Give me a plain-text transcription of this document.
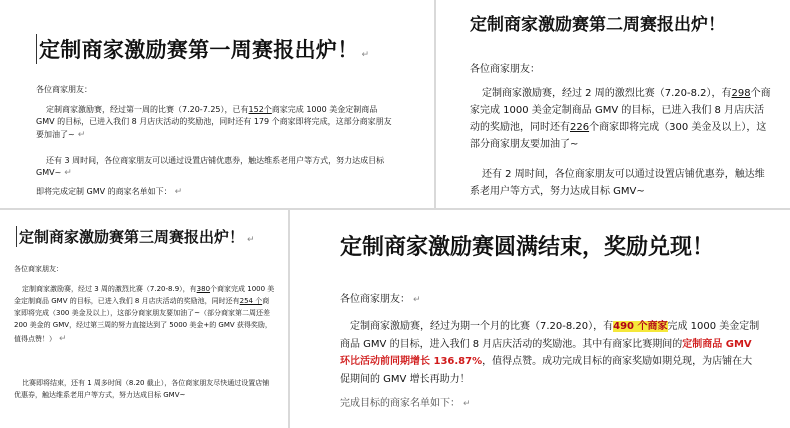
定制商家激励赛第一周赛报出炉！ ↵
各位商家朋友：
定制商家激励赛，经过第一周的比赛（7.20-7.25），已有152个商家完成 1000 美金定制商品 GMV 的目标，已进入我们 8 月店庆活动的奖励池，同时还有 179 个商家即将完成，这部分商家朋友要加油了~ ↵
还有 3 周时间，各位商家朋友可以通过设置店铺优惠券，触达维系老用户等方式，努力达成目标 GMV~ ↵
即将完成定制 GMV 的商家名单如下： ↵
定制商家激励赛第二周赛报出炉！
各位商家朋友：
定制商家激励赛，经过 2 周的激烈比赛（7.20-8.2），有298个商家完成 1000 美金定制商品 GMV 的目标，已进入我们 8 月店庆活动的奖励池，同时还有226个商家即将完成（300 美金及以上），这部分商家朋友要加油了~
还有 2 周时间，各位商家朋友可以通过设置店铺优惠券，触达维系老用户等方式，努力达成目标 GMV~
定制商家激励赛第三周赛报出炉！ ↵
各位商家朋友：
定制商家激励赛，经过 3 周的激烈比赛（7.20-8.9），有380个商家完成 1000 美金定制商品 GMV 的目标，已进入我们 8 月店庆活动的奖励池，同时还有254 个商家即将完成（300 美金及以上），这部分商家朋友要加油了~（部分商家第二周还差 200 美金的 GMV，经过第三周的努力直接达到了 5000 美金+的 GMV 获得奖励，值得点赞！） ↵
比赛即将结束，还有 1 周多时间（8.20 截止），各位商家朋友尽快通过设置店铺优惠券，触达维系老用户等方式，努力达成目标 GMV~
定制商家激励赛圆满结束，奖励兑现！
各位商家朋友： ↵
定制商家激励赛，经过为期一个月的比赛（7.20-8.20），有490 个商家完成 1000 美金定制商品 GMV 的目标，进入我们 8 月店庆活动的奖励池。其中有商家比赛期间的定制商品 GMV 环比活动前同期增长 136.87%，值得点赞。成功完成目标的商家奖励如期兑现，为店铺在大促期间的 GMV 增长再助力！
完成目标的商家名单如下： ↵
